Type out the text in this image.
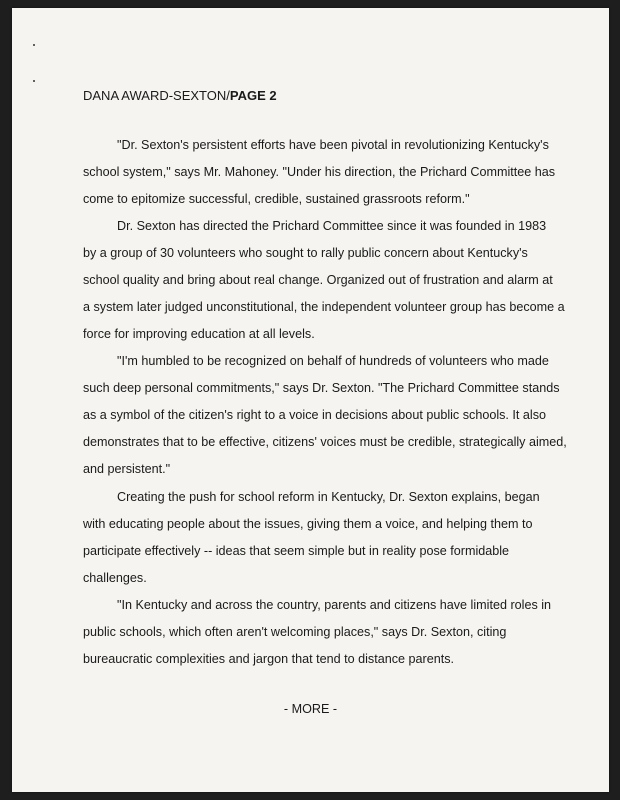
DANA AWARD-SEXTON/PAGE 2
"Dr. Sexton's persistent efforts have been pivotal in revolutionizing Kentucky's
school system," says Mr. Mahoney. "Under his direction, the Prichard Committee has
come to epitomize successful, credible, sustained grassroots reform."
Dr. Sexton has directed the Prichard Committee since it was founded in 1983
by a group of 30 volunteers who sought to rally public concern about Kentucky's
school quality and bring about real change. Organized out of frustration and alarm at
a system later judged unconstitutional, the independent volunteer group has become a
force for improving education at all levels.
"I'm humbled to be recognized on behalf of hundreds of volunteers who made
such deep personal commitments," says Dr. Sexton. "The Prichard Committee stands
as a symbol of the citizen's right to a voice in decisions about public schools. It also
demonstrates that to be effective, citizens' voices must be credible, strategically aimed,
and persistent."
Creating the push for school reform in Kentucky, Dr. Sexton explains, began
with educating people about the issues, giving them a voice, and helping them to
participate effectively -- ideas that seem simple but in reality pose formidable
challenges.
"In Kentucky and across the country, parents and citizens have limited roles in
public schools, which often aren't welcoming places," says Dr. Sexton, citing
bureaucratic complexities and jargon that tend to distance parents.
- MORE -
